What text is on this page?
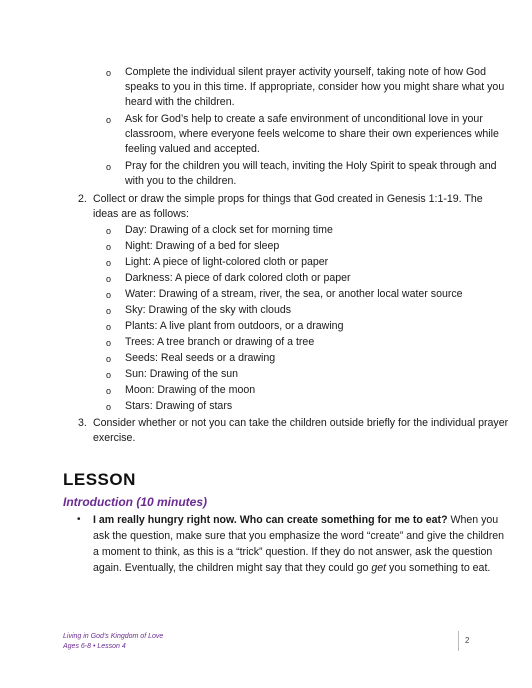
o Complete the individual silent prayer activity yourself, taking note of how God
speaks to you in this time. If appropriate, consider how you might share what you
heard with the children.
o Ask for God’s help to create a safe environment of unconditional love in your
classroom, where everyone feels welcome to share their own experiences while
feeling valued and accepted.
o Pray for the children you will teach, inviting the Holy Spirit to speak through and
with you to the children.
2. Collect or draw the simple props for things that God created in Genesis 1:1-19. The
ideas are as follows:
o Day: Drawing of a clock set for morning time
o Night: Drawing of a bed for sleep
o Light: A piece of light-colored cloth or paper
o Darkness: A piece of dark colored cloth or paper
o Water: Drawing of a stream, river, the sea, or another local water source
o Sky: Drawing of the sky with clouds
o Plants: A live plant from outdoors, or a drawing
o Trees: A tree branch or drawing of a tree
o Seeds: Real seeds or a drawing
o Sun: Drawing of the sun
o Moon: Drawing of the moon
o Stars: Drawing of stars
3. Consider whether or not you can take the children outside briefly for the individual prayer
exercise.
LESSON
Introduction (10 minutes)
• I am really hungry right now. Who can create something for me to eat? When you
ask the question, make sure that you emphasize the word “create” and give the children
a moment to think, as this is a “trick” question. If they do not answer, ask the question
again. Eventually, the children might say that they could go get you something to eat.
Living in God’s Kingdom of Love
Ages 6-8 • Lesson 4
2
